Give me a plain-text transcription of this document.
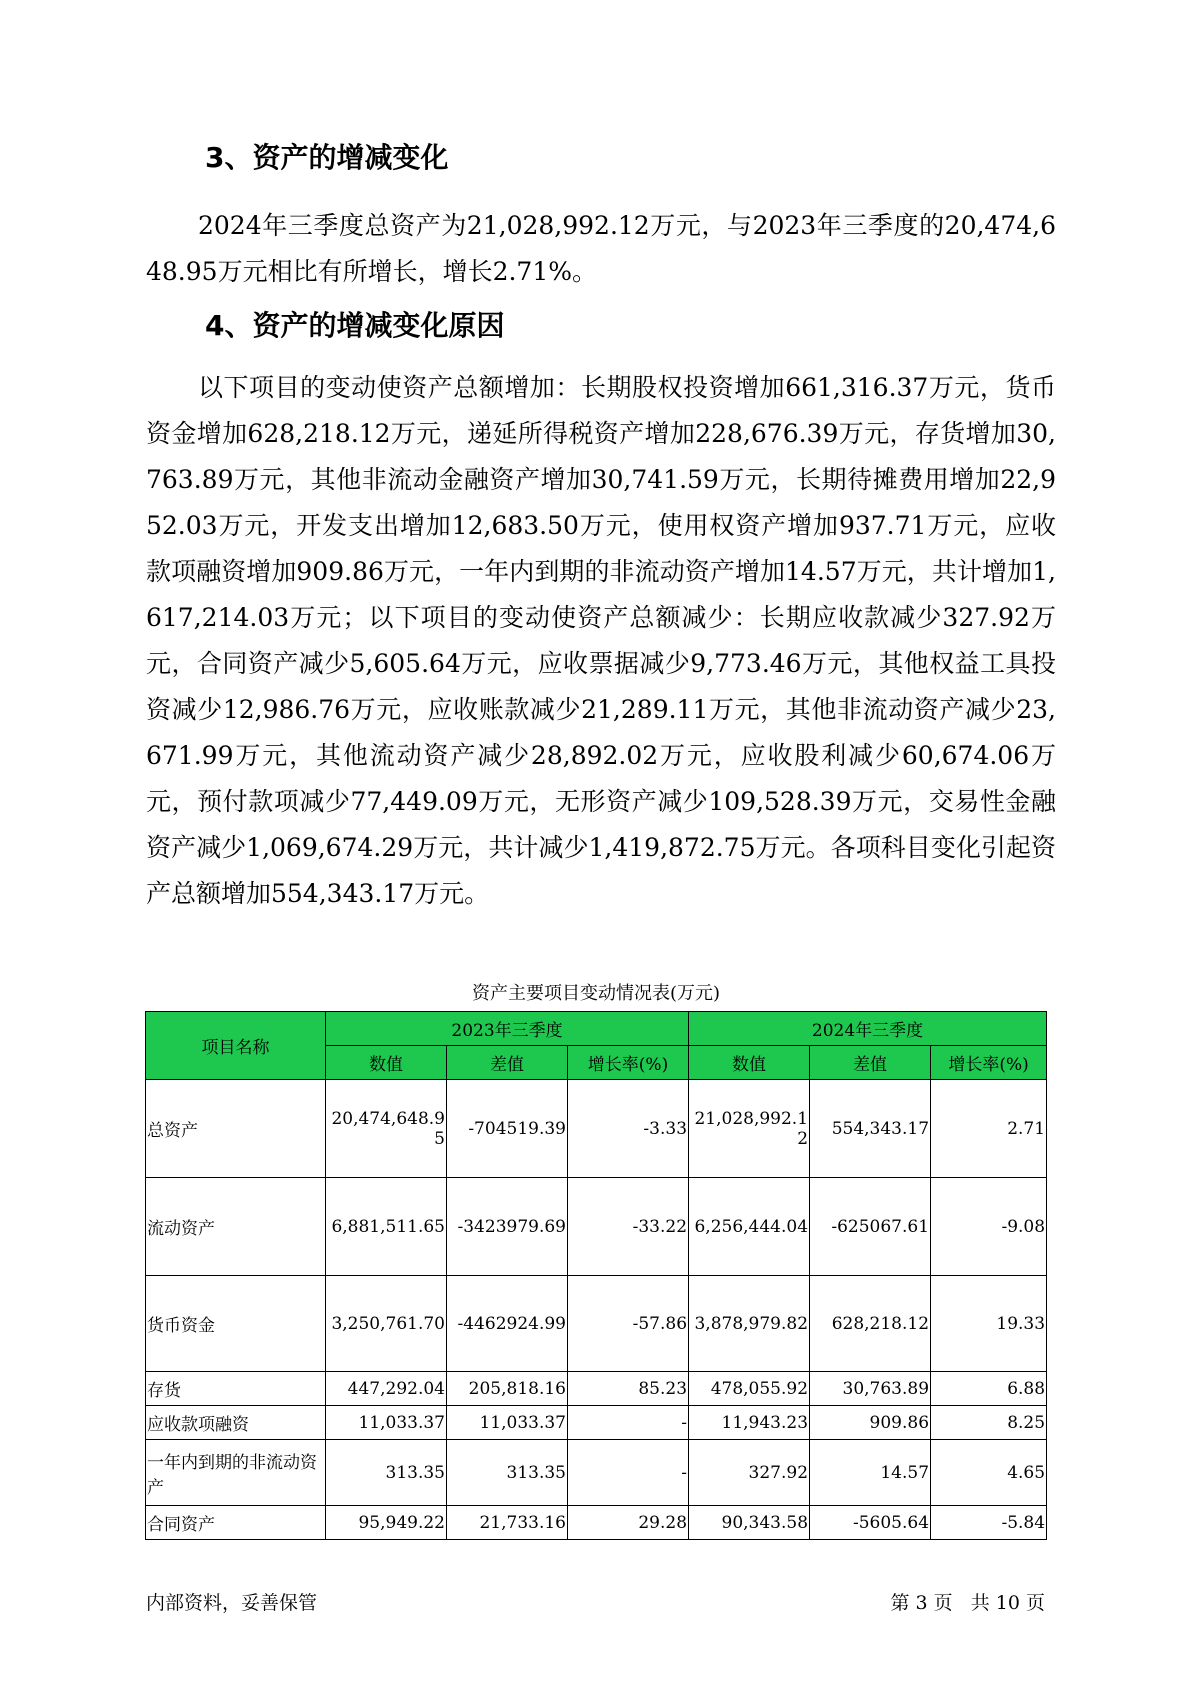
3、资产的增减变化
2024年三季度总资产为21,028,992.12万元，与2023年三季度的20,474,648.95万元相比有所增长，增长2.71%。
4、资产的增减变化原因
以下项目的变动使资产总额增加：长期股权投资增加661,316.37万元，货币资金增加628,218.12万元，递延所得税资产增加228,676.39万元，存货增加30,763.89万元，其他非流动金融资产增加30,741.59万元，长期待摊费用增加22,952.03万元，开发支出增加12,683.50万元，使用权资产增加937.71万元，应收款项融资增加909.86万元，一年内到期的非流动资产增加14.57万元，共计增加1,617,214.03万元；以下项目的变动使资产总额减少：长期应收款减少327.92万元，合同资产减少5,605.64万元，应收票据减少9,773.46万元，其他权益工具投资减少12,986.76万元，应收账款减少21,289.11万元，其他非流动资产减少23,671.99万元，其他流动资产减少28,892.02万元，应收股利减少60,674.06万元，预付款项减少77,449.09万元，无形资产减少109,528.39万元，交易性金融资产减少1,069,674.29万元，共计减少1,419,872.75万元。各项科目变化引起资产总额增加554,343.17万元。
资产主要项目变动情况表(万元)
项目名称	2023年三季度			2024年三季度		
	数值	差值	增长率(%)	数值	差值	增长率(%)
总资产	20,474,648.95	-704519.39	-3.33	21,028,992.12	554,343.17	2.71
流动资产	6,881,511.65	-3423979.69	-33.22	6,256,444.04	-625067.61	-9.08
货币资金	3,250,761.70	-4462924.99	-57.86	3,878,979.82	628,218.12	19.33
存货	447,292.04	205,818.16	85.23	478,055.92	30,763.89	6.88
应收款项融资	11,033.37	11,033.37	-	11,943.23	909.86	8.25
一年内到期的非流动资产	313.35	313.35	-	327.92	14.57	4.65
合同资产	95,949.22	21,733.16	29.28	90,343.58	-5605.64	-5.84
内部资料，妥善保管	第 3 页   共 10 页
